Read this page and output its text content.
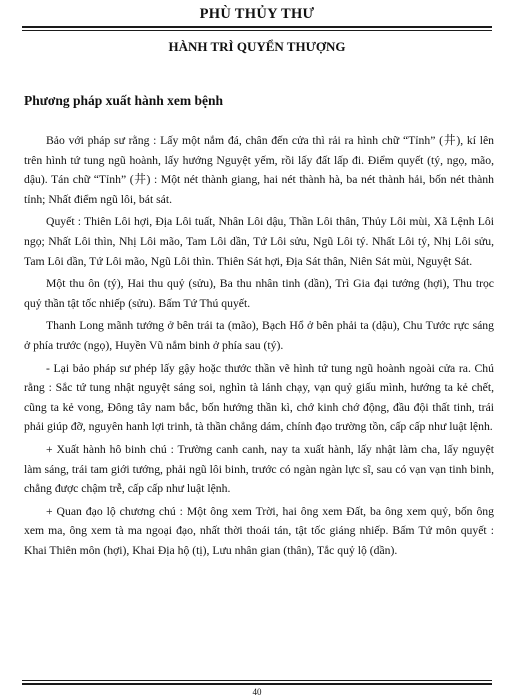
PHÙ THỦY THƯ
HÀNH TRÌ QUYỂN THƯỢNG
Phương pháp xuất hành xem bệnh

Bảo với pháp sư rằng : Lấy một nắm đá, chân đến cửa thì rải ra hình chữ “Tỉnh” (井), kí lên trên hình tứ tung ngũ hoành, lấy hướng Nguyệt yếm, rồi lấy đất lấp đi. Điểm quyết (tý, ngọ, mão, dậu). Tán chữ “Tỉnh” (井) : Một nét thành giang, hai nét thành hà, ba nét thành hải, bốn nét thành tỉnh; Nhất điểm ngũ lôi, bát sát.

Quyết : Thiên Lôi hợi, Địa Lôi tuất, Nhân Lôi dậu, Thần Lôi thân, Thủy Lôi mùi, Xã Lệnh Lôi ngọ; Nhất Lôi thìn, Nhị Lôi mão, Tam Lôi dần, Tứ Lôi sửu, Ngũ Lôi tý. Nhất Lôi tý, Nhị Lôi sửu, Tam Lôi dần, Tứ Lôi mão, Ngũ Lôi thìn. Thiên Sát hợi, Địa Sát thân, Niên Sát mùi, Nguyệt Sát.

Một thu ôn (tý), Hai thu quỷ (sửu), Ba thu nhân tinh (dần), Trì Gia đại tướng (hợi), Thu trọc quỷ thần tật tốc nhiếp (sửu). Bấm Tứ Thú quyết.

Thanh Long mãnh tướng ở bên trái ta (mão), Bạch Hổ ở bên phải ta (dậu), Chu Tước rực sáng ở phía trước (ngọ), Huyền Vũ nắm binh ở phía sau (tý).

- Lại bảo pháp sư phép lấy gậy hoặc thước thần vẽ hình tứ tung ngũ hoành ngoài cửa ra. Chú rằng : Sắc tứ tung nhật nguyệt sáng soi, nghìn tà lánh chạy, vạn quỷ giấu mình, hướng ta kẻ chết, cũng ta kẻ vong, Đông tây nam bắc, bốn hướng thần kì, chớ kinh chớ động, đầu đội thất tinh, trái phải giúp đỡ, nguyên hanh lợi trinh, tà thần chẳng dám, chính đạo trường tồn, cấp cấp như luật lệnh.

+ Xuất hành hô binh chú : Trường canh canh, nay ta xuất hành, lấy nhật làm cha, lấy nguyệt làm sáng, trái tam giới tướng, phải ngũ lôi binh, trước có ngàn ngàn lực sĩ, sau có vạn vạn tinh binh, chẳng được chậm trễ, cấp cấp như luật lệnh.

+ Quan đạo lộ chương chú : Một ông xem Trời, hai ông xem Đất, ba ông xem quỷ, bốn ông xem ma, ông xem tà ma ngoại đạo, nhất thời thoái tán, tật tốc giáng nhiếp. Bấm Tứ môn quyết : Khai Thiên môn (hợi), Khai Địa hộ (tị), Lưu nhân gian (thân), Tắc quỷ lộ (dần).

40
